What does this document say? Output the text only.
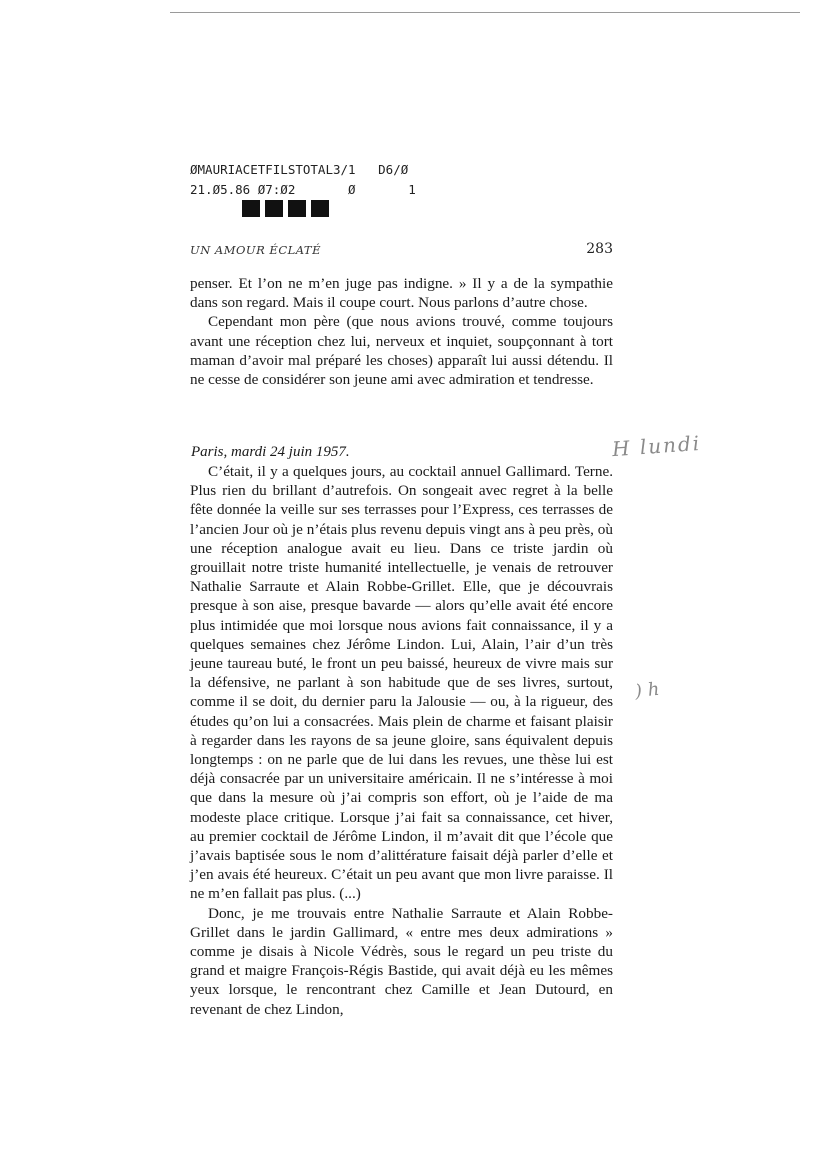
ØMAURIACETFILSTOTAL3/1   D6/Ø
21.Ø5.86 Ø7:Ø2       Ø       1
UN AMOUR ÉCLATÉ	283

penser. Et l’on ne m’en juge pas indigne. » Il y a de la sympathie dans son regard. Mais il coupe court. Nous parlons d’autre chose.

Cependant mon père (que nous avions trouvé, comme toujours avant une réception chez lui, nerveux et inquiet, soupçonnant à tort maman d’avoir mal préparé les choses) apparaît lui aussi détendu. Il ne cesse de considérer son jeune ami avec admiration et tendresse.

Paris, mardi 24 juin 1957.	H lundi
) h

C’était, il y a quelques jours, au cocktail annuel Gallimard. Terne. Plus rien du brillant d’autrefois. On songeait avec regret à la belle fête donnée la veille sur ses terrasses pour l’Express, ces terrasses de l’ancien Jour où je n’étais plus revenu depuis vingt ans à peu près, où une réception analogue avait eu lieu. Dans ce triste jardin où grouillait notre triste humanité intellectuelle, je venais de retrouver Nathalie Sarraute et Alain Robbe-Grillet. Elle, que je découvrais presque à son aise, presque bavarde — alors qu’elle avait été encore plus intimidée que moi lorsque nous avions fait connaissance, il y a quelques semaines chez Jérôme Lindon. Lui, Alain, l’air d’un très jeune taureau buté, le front un peu baissé, heureux de vivre mais sur la défensive, ne parlant à son habitude que de ses livres, surtout, comme il se doit, du dernier paru la Jalousie — ou, à la rigueur, des études qu’on lui a consacrées. Mais plein de charme et faisant plaisir à regarder dans les rayons de sa jeune gloire, sans équivalent depuis longtemps : on ne parle que de lui dans les revues, une thèse lui est déjà consacrée par un universitaire américain. Il ne s’intéresse à moi que dans la mesure où j’ai compris son effort, où je l’aide de ma modeste place critique. Lorsque j’ai fait sa connaissance, cet hiver, au premier cocktail de Jérôme Lindon, il m’avait dit que l’école que j’avais baptisée sous le nom d’alittérature faisait déjà parler d’elle et j’en avais été heureux. C’était un peu avant que mon livre paraisse. Il ne m’en fallait pas plus. (...)

Donc, je me trouvais entre Nathalie Sarraute et Alain Robbe-Grillet dans le jardin Gallimard, « entre mes deux admirations » comme je disais à Nicole Védrès, sous le regard un peu triste du grand et maigre François-Régis Bastide, qui avait déjà eu les mêmes yeux lorsque, le rencontrant chez Camille et Jean Dutourd, en revenant de chez Lindon,
